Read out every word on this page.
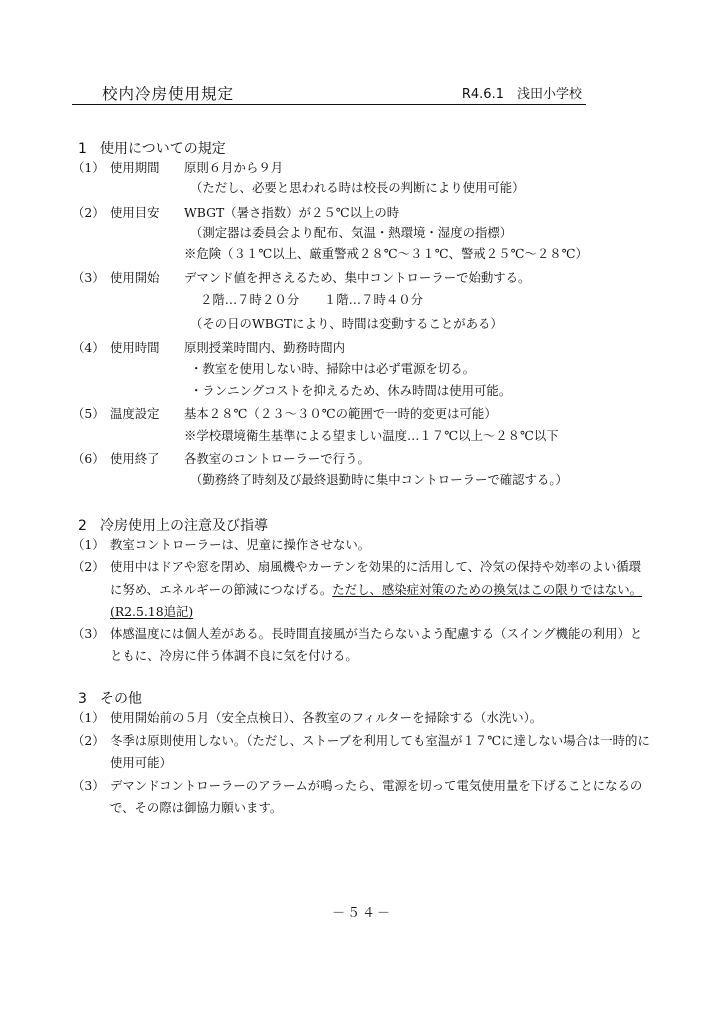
校内冷房使用規定	R4.6.1　浅田小学校
1 使用についての規定
（1） 使用期間 原則６月から９月
（ただし、必要と思われる時は校長の判断により使用可能）
（2） 使用目安 WBGT（暑さ指数）が２５℃以上の時
（測定器は委員会より配布、気温・熱環境・湿度の指標）
※危険（３１℃以上、厳重警戒２８℃～３１℃、警戒２５℃～２８℃）
（3） 使用開始 デマンド値を押さえるため、集中コントローラーで始動する。
２階…７時２０分　　１階…７時４０分
（その日のWBGTにより、時間は変動することがある）
（4） 使用時間 原則授業時間内、勤務時間内
・教室を使用しない時、掃除中は必ず電源を切る。
・ランニングコストを抑えるため、休み時間は使用可能。
（5） 温度設定 基本２８℃（２３～３０℃の範囲で一時的変更は可能）
※学校環境衛生基準による望ましい温度…１７℃以上～２８℃以下
（6） 使用終了 各教室のコントローラーで行う。
（勤務終了時刻及び最終退勤時に集中コントローラーで確認する。）
2 冷房使用上の注意及び指導
（1） 教室コントローラーは、児童に操作させない。
（2） 使用中はドアや窓を閉め、扇風機やカーテンを効果的に活用して、冷気の保持や効率のよい循環
に努め、エネルギーの節減につなげる。ただし、感染症対策のための換気はこの限りではない。
(R2.5.18追記)
（3） 体感温度には個人差がある。長時間直接風が当たらないよう配慮する（スイング機能の利用）と
ともに、冷房に伴う体調不良に気を付ける。
3 その他
（1） 使用開始前の５月（安全点検日）、各教室のフィルターを掃除する（水洗い）。
（2） 冬季は原則使用しない。（ただし、ストーブを利用しても室温が１７℃に達しない場合は一時的に
使用可能）
（3） デマンドコントローラーのアラームが鳴ったら、電源を切って電気使用量を下げることになるの
で、その際は御協力願います。
－５４－
